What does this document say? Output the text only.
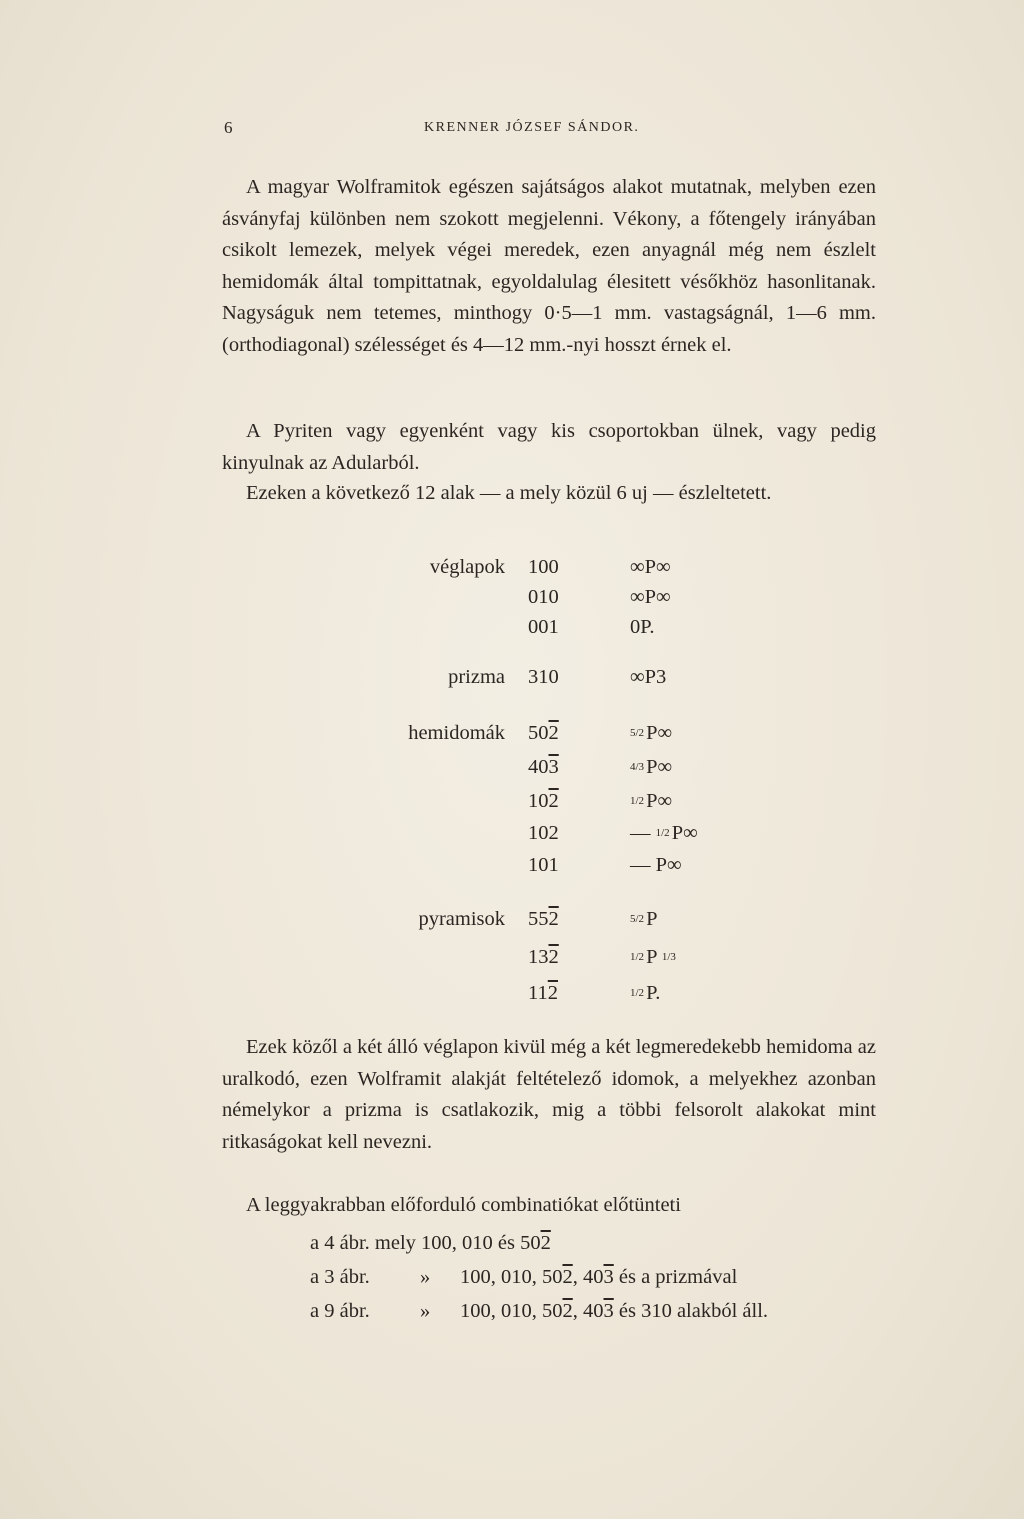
6	KRENNER JÓZSEF SÁNDOR.

A magyar Wolframitok egészen sajátságos alakot mutatnak, melyben ezen ásványfaj különben nem szokott megjelenni. Vékony, a főtengely irányában csikolt lemezek, melyek végei meredek, ezen anyagnál még nem észlelt hemidomák által tompittatnak, egyoldalulag élesitett vésőkhöz hasonlitanak. Nagyságuk nem tetemes, minthogy 0·5—1 mm. vastagságnál, 1—6 mm. (orthodiagonal) szélességet és 4—12 mm.-nyi hosszt érnek el.

A Pyriten vagy egyenként vagy kis csoportokban ülnek, vagy pedig kinyulnak az Adularból.

Ezeken a következő 12 alak — a mely közül 6 uj — észleltetett.

véglapok 100	∞P∞
010	∞P∞
001	0P.
prizma 310	∞P3
hemidomák 502	5/2P∞
403	4/3P∞
102	1/2P∞
102	— 1/2P∞
101	— P∞
pyramisok 552	5/2P
132	1/2P 1/3
112	1/2P.

Ezek közől a két álló véglapon kivül még a két legmeredekebb hemidoma az uralkodó, ezen Wolframit alakját feltételező idomok, a melyekhez azonban némelykor a prizma is csatlakozik, mig a többi felsorolt alakokat mint ritkaságokat kell nevezni.

A leggyakrabban előforduló combinatiókat előtünteti

a 4 ábr. mely 100, 010 és 502
a 3 ábr. » 100, 010, 502, 403 és a prizmával
a 9 ábr. » 100, 010, 502, 403 és 310 alakból áll.
